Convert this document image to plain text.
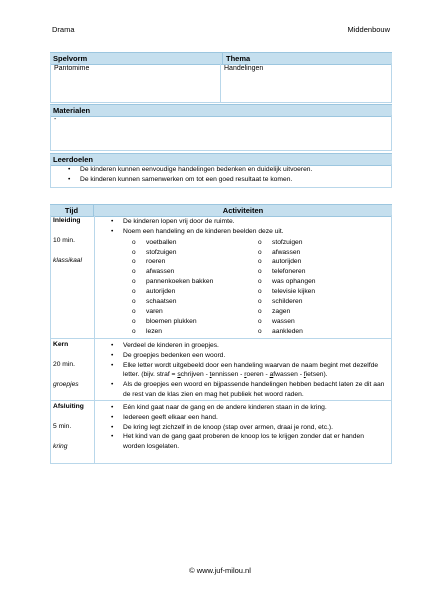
Drama	Middenbouw
Spelvorm	Thema
Pantomime	Handelingen
Materialen
-
Leerdoelen
• De kinderen kunnen eenvoudige handelingen bedenken en duidelijk uitvoeren.
• De kinderen kunnen samenwerken om tot een goed resultaat te komen.
Tijd	Activiteiten
Inleiding
10 min.
klassikaal
• De kinderen lopen vrij door de ruimte.
• Noem een handeling en de kinderen beelden deze uit.
o voetballen
o stofzuigen
o roeren
o afwassen
o pannenkoeken bakken
o autorijden
o schaatsen
o varen
o bloemen plukken
o lezen
o stofzuigen
o afwassen
o autorijden
o telefoneren
o was ophangen
o televisie kijken
o schilderen
o zagen
o wassen
o aankleden
Kern
20 min.
groepjes
• Verdeel de kinderen in groepjes.
• De groepjes bedenken een woord.
• Elke letter wordt uitgebeeld door een handeling waarvan de naam begint met dezelfde letter. (bijv. straf = schrijven - tennissen - roeren - afwassen - fietsen).
• Als de groepjes een woord en bijpassende handelingen hebben bedacht laten ze dit aan de rest van de klas zien en mag het publiek het woord raden.
Afsluiting
5 min.
kring
• Eén kind gaat naar de gang en de andere kinderen staan in de kring.
• Iedereen geeft elkaar een hand.
• De kring legt zichzelf in de knoop (stap over armen, draai je rond, etc.).
• Het kind van de gang gaat proberen de knoop los te krijgen zonder dat er handen worden losgelaten.
© www.juf-milou.nl
